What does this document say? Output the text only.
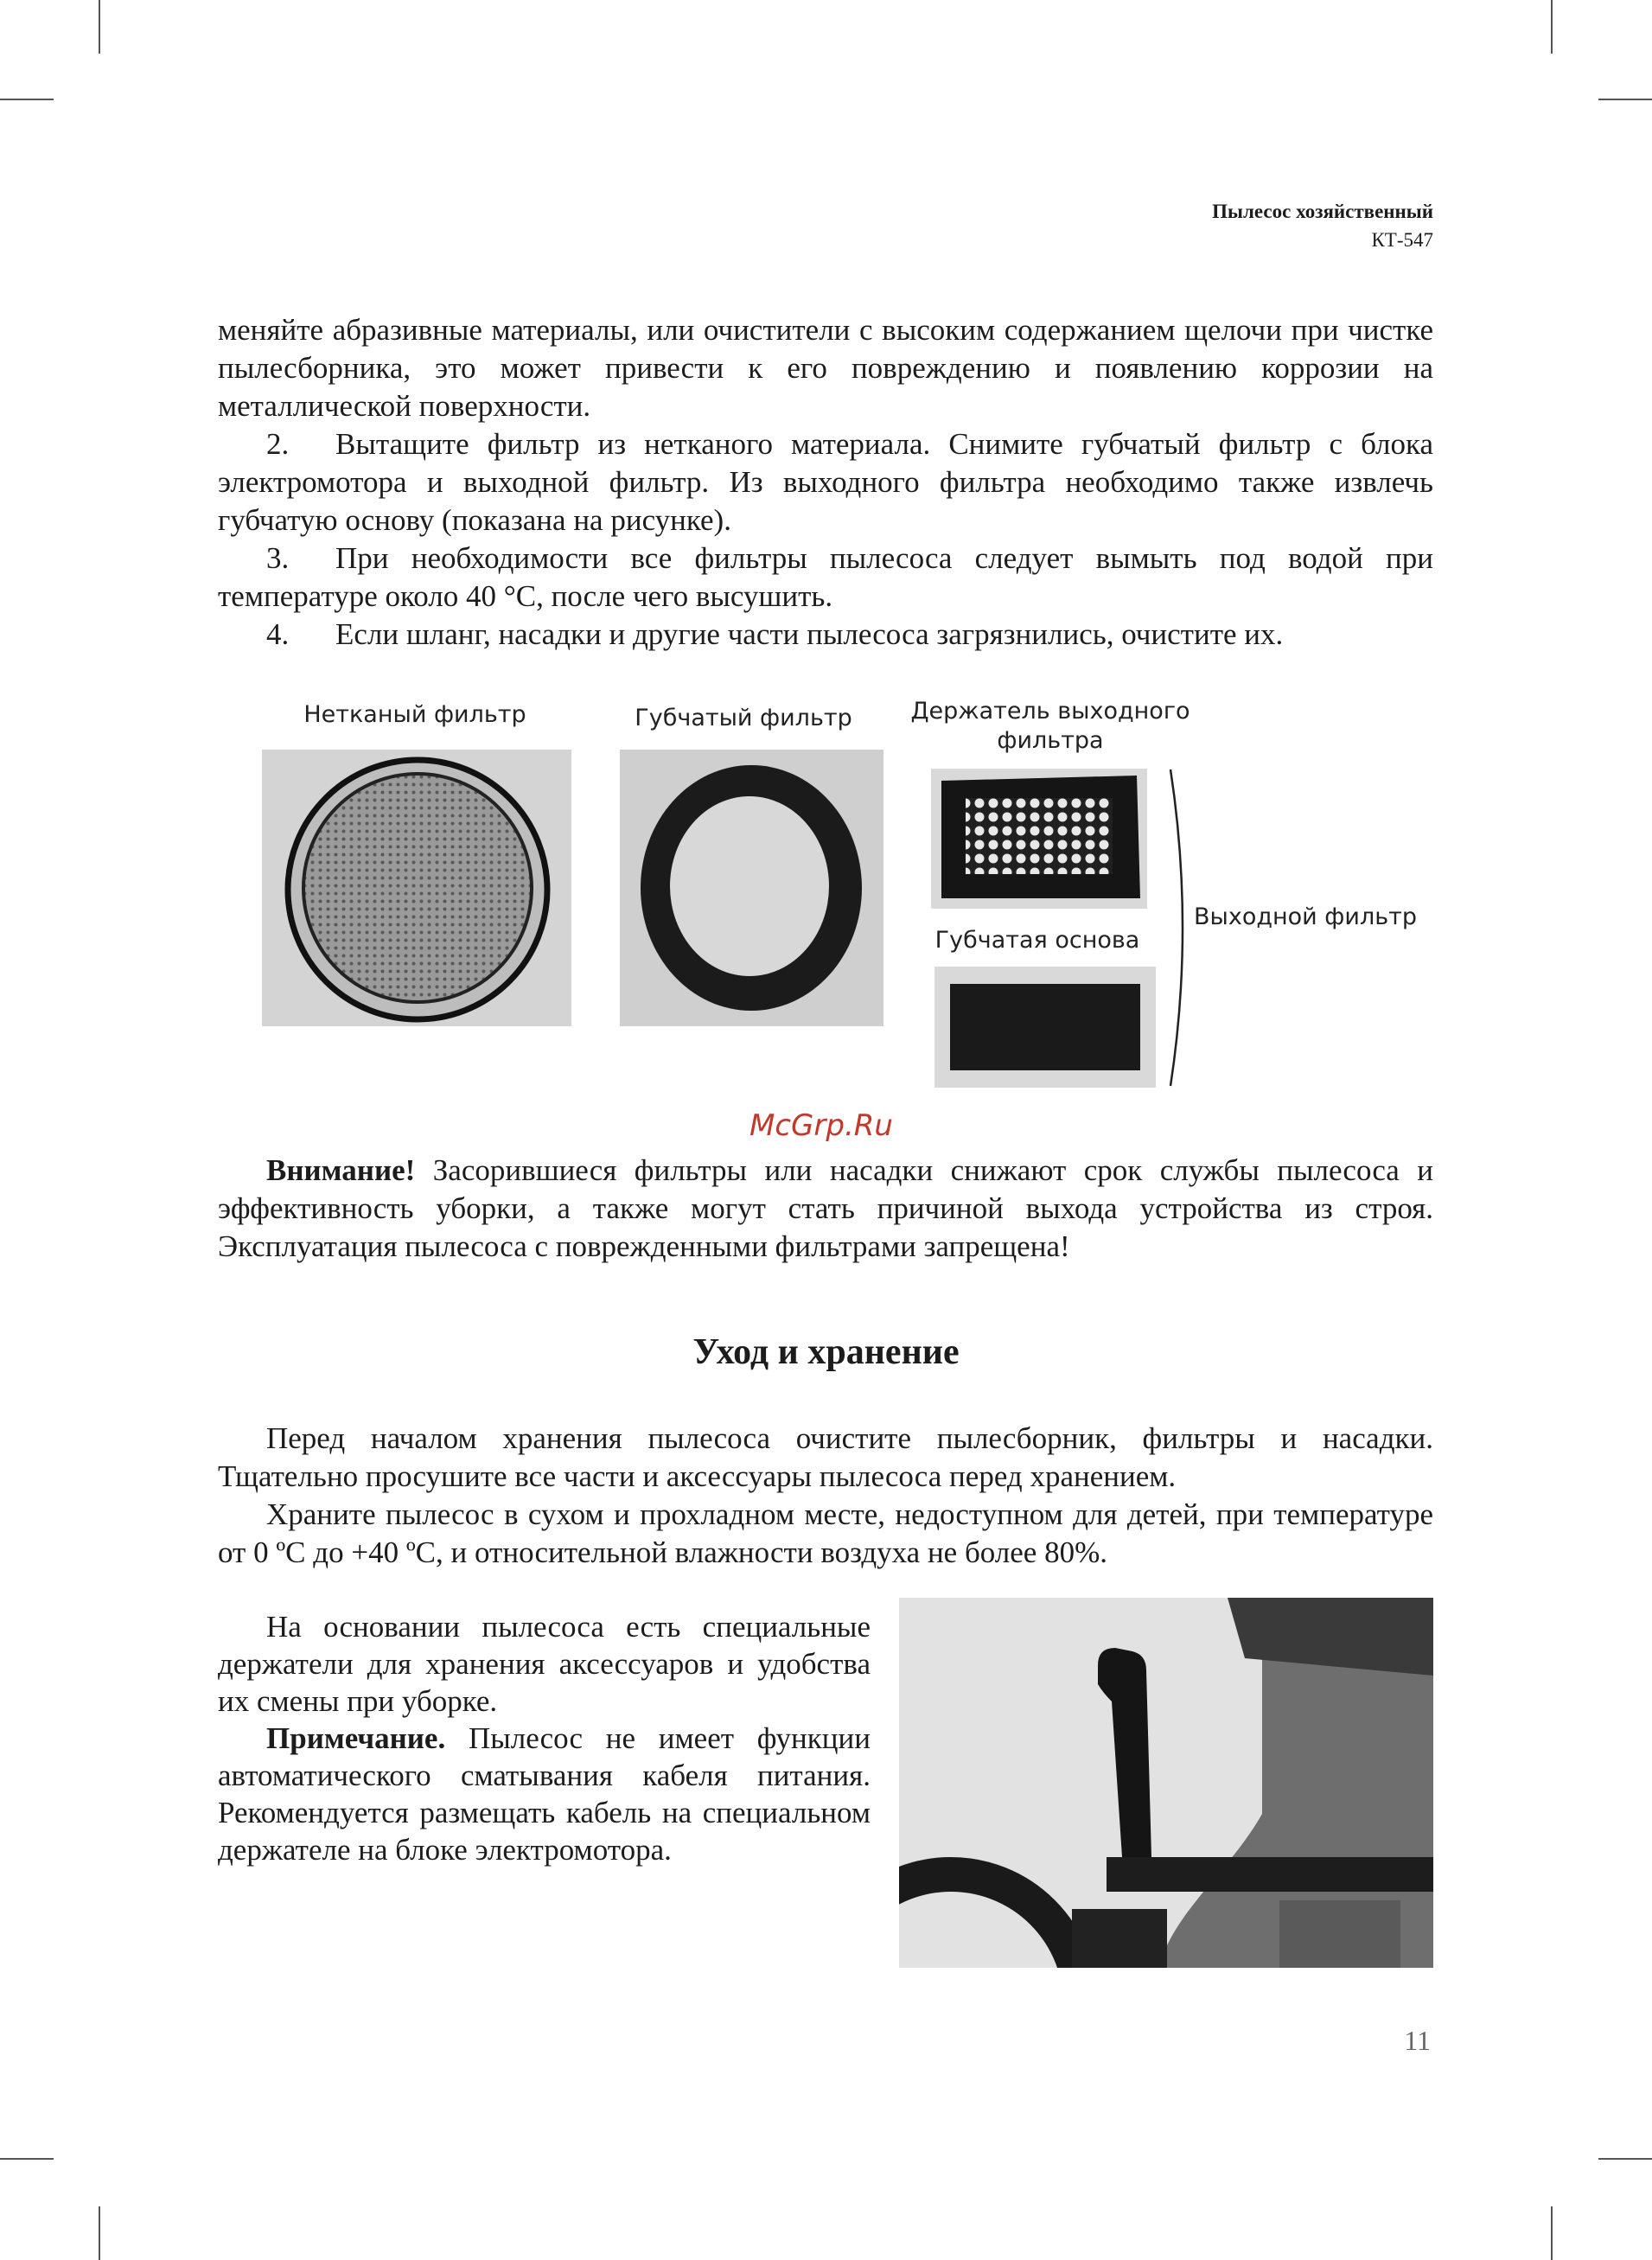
Пылесос хозяйственный
КТ-547

меняйте абразивные материалы, или очистители с высоким содержанием щелочи при чистке пылесборника, это может привести к его повреждению и появлению коррозии на металлической поверхности.

2. Вытащите фильтр из нетканого материала. Снимите губчатый фильтр с блока электромотора и выходной фильтр. Из выходного фильтра необходимо также извлечь губчатую основу (показана на рисунке).

3. При необходимости все фильтры пылесоса следует вымыть под водой при температуре около 40 °С, после чего высушить.

4. Если шланг, насадки и другие части пылесоса загрязнились, очистите их.

Нетканый фильтр	Губчатый фильтр	Держатель выходного фильтра
Губчатая основа
Выходной фильтр
McGrp.Ru

Внимание! Засорившиеся фильтры или насадки снижают срок службы пылесоса и эффективность уборки, а также могут стать причиной выхода устройства из строя. Эксплуатация пылесоса с поврежденными фильтрами запрещена!

Уход и хранение

Перед началом хранения пылесоса очистите пылесборник, фильтры и насадки. Тщательно просушите все части и аксессуары пылесоса перед хранением.

Храните пылесос в сухом и прохладном месте, недоступном для детей, при температуре от 0 ºС до +40 ºС, и относительной влажности воздуха не более 80%.

На основании пылесоса есть специальные держатели для хранения аксессуаров и удобства их смены при уборке.

Примечание. Пылесос не имеет функции автоматического сматывания кабеля питания. Рекомендуется размещать кабель на специальном держателе на блоке электромотора.

11
